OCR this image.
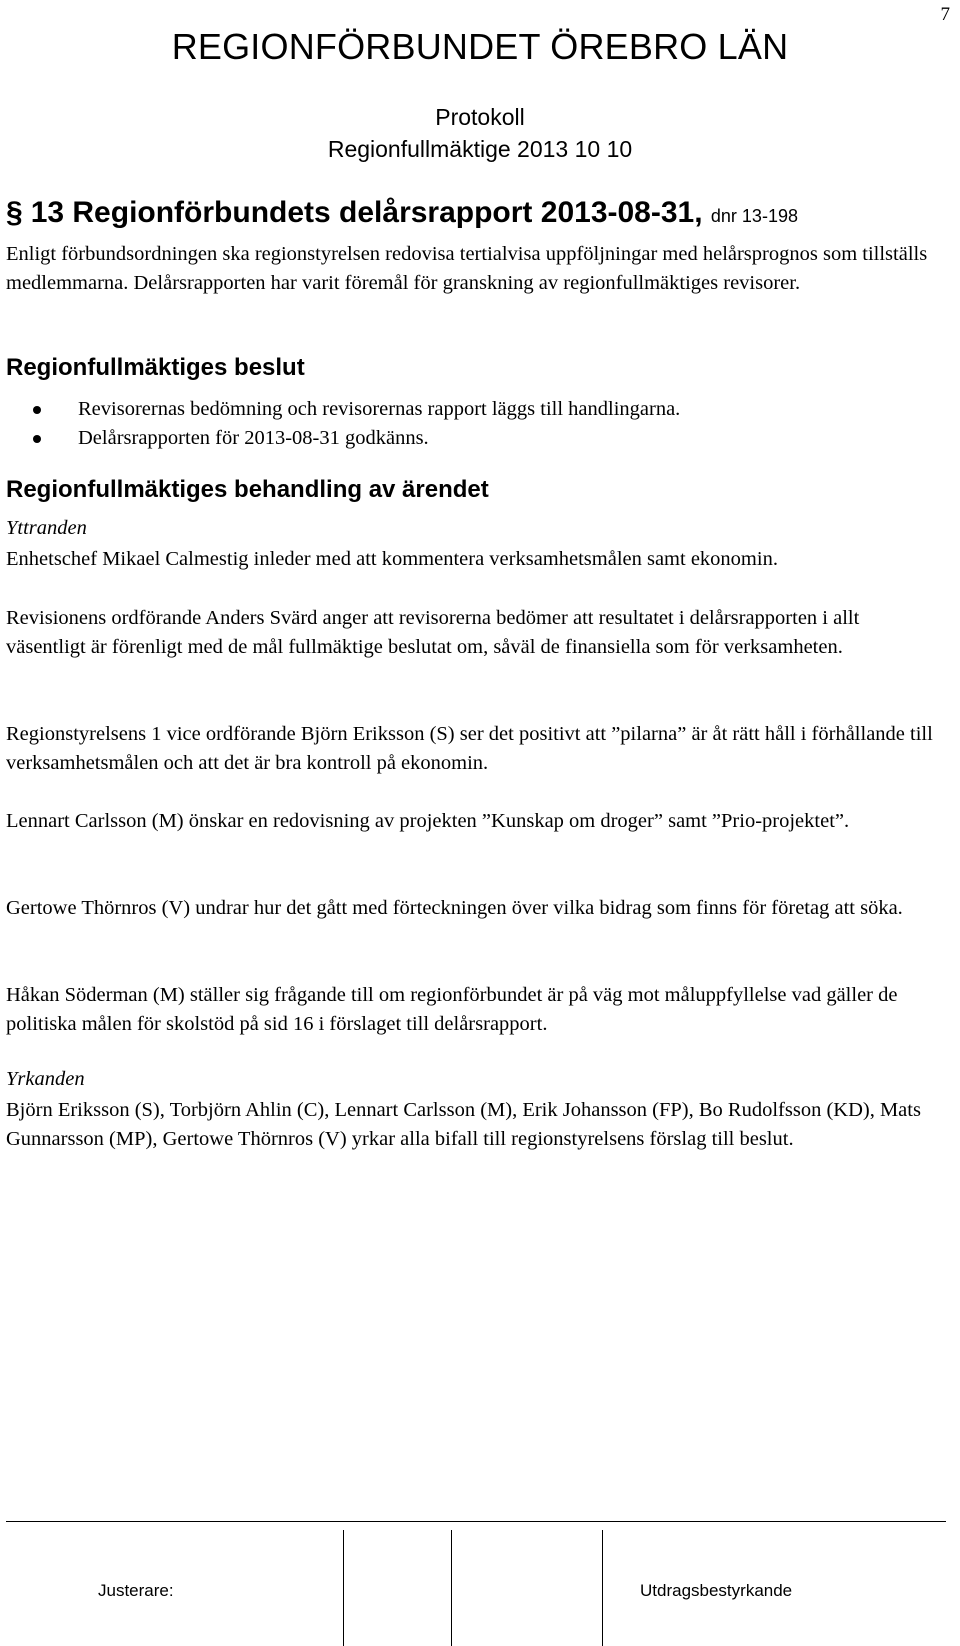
7
REGIONFÖRBUNDET ÖREBRO LÄN
Protokoll
Regionfullmäktige 2013 10 10
§ 13 Regionförbundets delårsrapport 2013-08-31, dnr 13-198

Enligt förbundsordningen ska regionstyrelsen redovisa tertialvisa uppföljningar med helårsprognos som tillställs medlemmarna. Delårsrapporten har varit föremål för granskning av regionfullmäktiges revisorer.

Regionfullmäktiges beslut
Revisorernas bedömning och revisorernas rapport läggs till handlingarna.
Delårsrapporten för 2013-08-31 godkänns.
Regionfullmäktiges behandling av ärendet
Yttranden

Enhetschef Mikael Calmestig inleder med att kommentera verksamhetsmålen samt ekonomin.

Revisionens ordförande Anders Svärd anger att revisorerna bedömer att resultatet i delårsrapporten i allt väsentligt är förenligt med de mål fullmäktige beslutat om, såväl de finansiella som för verksamheten.

Regionstyrelsens 1 vice ordförande Björn Eriksson (S) ser det positivt att ”pilarna” är åt rätt håll i förhållande till verksamhetsmålen och att det är bra kontroll på ekonomin.

Lennart Carlsson (M) önskar en redovisning av projekten ”Kunskap om droger” samt ”Prio-projektet”.

Gertowe Thörnros (V) undrar hur det gått med förteckningen över vilka bidrag som finns för företag att söka.

Håkan Söderman (M) ställer sig frågande till om regionförbundet är på väg mot måluppfyllelse vad gäller de politiska målen för skolstöd på sid 16 i förslaget till delårsrapport.

Yrkanden

Björn Eriksson (S), Torbjörn Ahlin (C), Lennart Carlsson (M), Erik Johansson (FP), Bo Rudolfsson (KD), Mats Gunnarsson (MP), Gertowe Thörnros (V) yrkar alla bifall till regionstyrelsens förslag till beslut.

Justerare:	Utdragsbestyrkande
